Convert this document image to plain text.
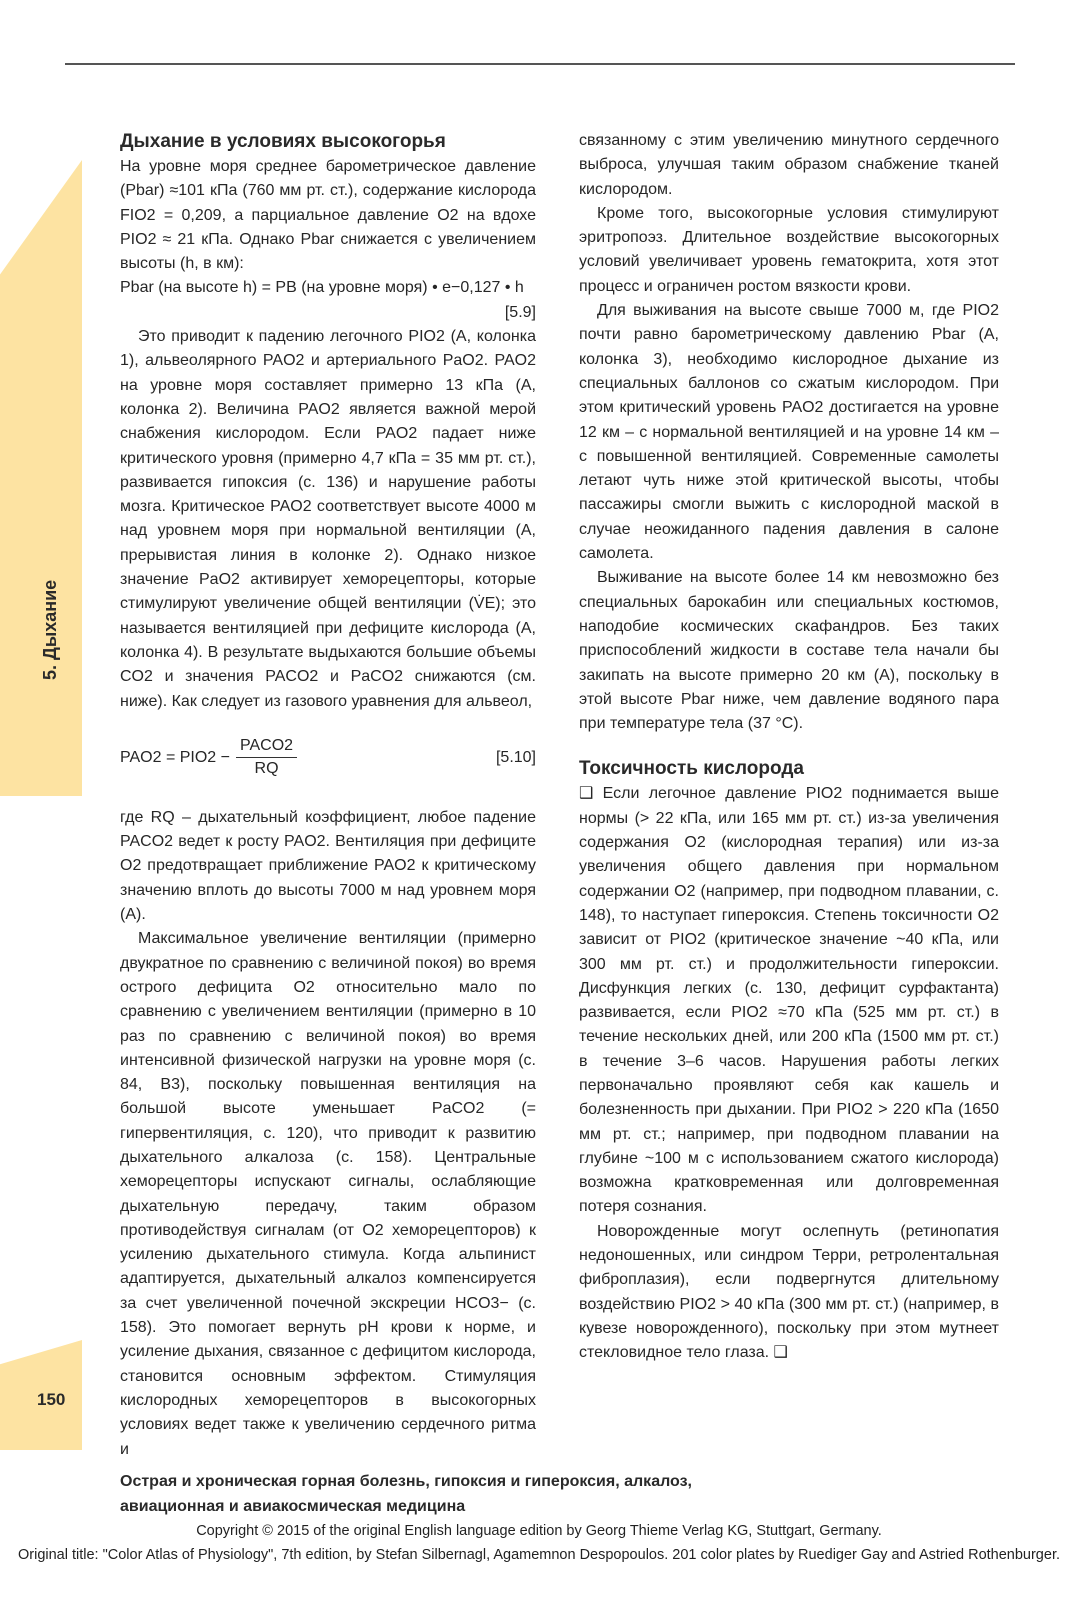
5. Дыхание
150

Дыхание в условиях высокогорья

На уровне моря среднее барометрическое давление (Pbar) ≈101 кПа (760 мм рт. ст.), содержание кислорода FIO2 = 0,209, а парциальное давление O2 на вдохе PIO2 ≈ 21 кПа. Однако Pbar снижается с увеличением высоты (h, в км):

Pbar (на высоте h) = PB (на уровне моря) • e−0,127 • h

[5.9]

Это приводит к падению легочного PIO2 (A, колонка 1), альвеолярного PAO2 и артериального PaO2. PAO2 на уровне моря составляет примерно 13 кПа (A, колонка 2). Величина PAO2 является важной мерой снабжения кислородом. Если PAO2 падает ниже критического уровня (примерно 4,7 кПа = 35 мм рт. ст.), развивается гипоксия (с. 136) и нарушение работы мозга. Критическое PAO2 соответствует высоте 4000 м над уровнем моря при нормальной вентиляции (A, прерывистая линия в колонке 2). Однако низкое значение PaO2 активирует хеморецепторы, которые стимулируют увеличение общей вентиляции (V̇E); это называется вентиляцией при дефиците кислорода (A, колонка 4). В результате выдыхаются большие объемы CO2 и значения PACO2 и PaCO2 снижаются (см. ниже). Как следует из газового уравнения для альвеол,

PAO2 = PIO2 −
PACO2
RQ
[5.10]

где RQ – дыхательный коэффициент, любое падение PACO2 ведет к росту PAO2. Вентиляция при дефиците O2 предотвращает приближение PAO2 к критическому значению вплоть до высоты 7000 м над уровнем моря (A).

Максимальное увеличение вентиляции (примерно двукратное по сравнению с величиной покоя) во время острого дефицита O2 относительно мало по сравнению с увеличением вентиляции (примерно в 10 раз по сравнению с величиной покоя) во время интенсивной физической нагрузки на уровне моря (с. 84, B3), поскольку повышенная вентиляция на большой высоте уменьшает PaCO2 (= гипервентиляция, с. 120), что приводит к развитию дыхательного алкалоза (с. 158). Центральные хеморецепторы испускают сигналы, ослабляющие дыхательную передачу, таким образом противодействуя сигналам (от O2 хеморецепторов) к усилению дыхательного стимула. Когда альпинист адаптируется, дыхательный алкалоз компенсируется за счет увеличенной почечной экскреции HCO3− (с. 158). Это помогает вернуть pH крови к норме, и усиление дыхания, связанное с дефицитом кислорода, становится основным эффектом. Стимуляция кислородных хеморецепторов в высокогорных условиях ведет также к увеличению сердечного ритма и

связанному с этим увеличению минутного сердечного выброса, улучшая таким образом снабжение тканей кислородом.

Кроме того, высокогорные условия стимулируют эритропоэз. Длительное воздействие высокогорных условий увеличивает уровень гематокрита, хотя этот процесс и ограничен ростом вязкости крови.

Для выживания на высоте свыше 7000 м, где PIO2 почти равно барометрическому давлению Pbar (A, колонка 3), необходимо кислородное дыхание из специальных баллонов со сжатым кислородом. При этом критический уровень PAO2 достигается на уровне 12 км – с нормальной вентиляцией и на уровне 14 км – с повышенной вентиляцией. Современные самолеты летают чуть ниже этой критической высоты, чтобы пассажиры смогли выжить с кислородной маской в случае неожиданного падения давления в салоне самолета.

Выживание на высоте более 14 км невозможно без специальных барокабин или специальных костюмов, наподобие космических скафандров. Без таких приспособлений жидкости в составе тела начали бы закипать на высоте примерно 20 км (A), поскольку в этой высоте Pbar ниже, чем давление водяного пара при температуре тела (37 °C).

Токсичность кислорода

❑ Если легочное давление PIO2 поднимается выше нормы (> 22 кПа, или 165 мм рт. ст.) из-за увеличения содержания O2 (кислородная терапия) или из-за увеличения общего давления при нормальном содержании O2 (например, при подводном плавании, с. 148), то наступает гипероксия. Степень токсичности O2 зависит от PIO2 (критическое значение ~40 кПа, или 300 мм рт. ст.) и продолжительности гипероксии. Дисфункция легких (с. 130, дефицит сурфактанта) развивается, если PIO2 ≈70 кПа (525 мм рт. ст.) в течение нескольких дней, или 200 кПа (1500 мм рт. ст.) в течение 3–6 часов. Нарушения работы легких первоначально проявляют себя как кашель и болезненность при дыхании. При PIO2 > 220 кПа (1650 мм рт. ст.; например, при подводном плавании на глубине ~100 м с использованием сжатого кислорода) возможна кратковременная или долговременная потеря сознания.

Новорожденные могут ослепнуть (ретинопатия недоношенных, или синдром Терри, ретролентальная фиброплазия), если подвергнутся длительному воздействию PIO2 > 40 кПа (300 мм рт. ст.) (например, в кувезе новорожденного), поскольку при этом мутнеет стекловидное тело глаза. ❑

Острая и хроническая горная болезнь, гипоксия и гипероксия, алкалоз,
авиационная и авиакосмическая медицина
Copyright © 2015 of the original English language edition by Georg Thieme Verlag KG, Stuttgart, Germany.
Original title: "Color Atlas of Physiology", 7th edition, by Stefan Silbernagl, Agamemnon Despopoulos. 201 color plates by Ruediger Gay and Astried Rothenburger.
